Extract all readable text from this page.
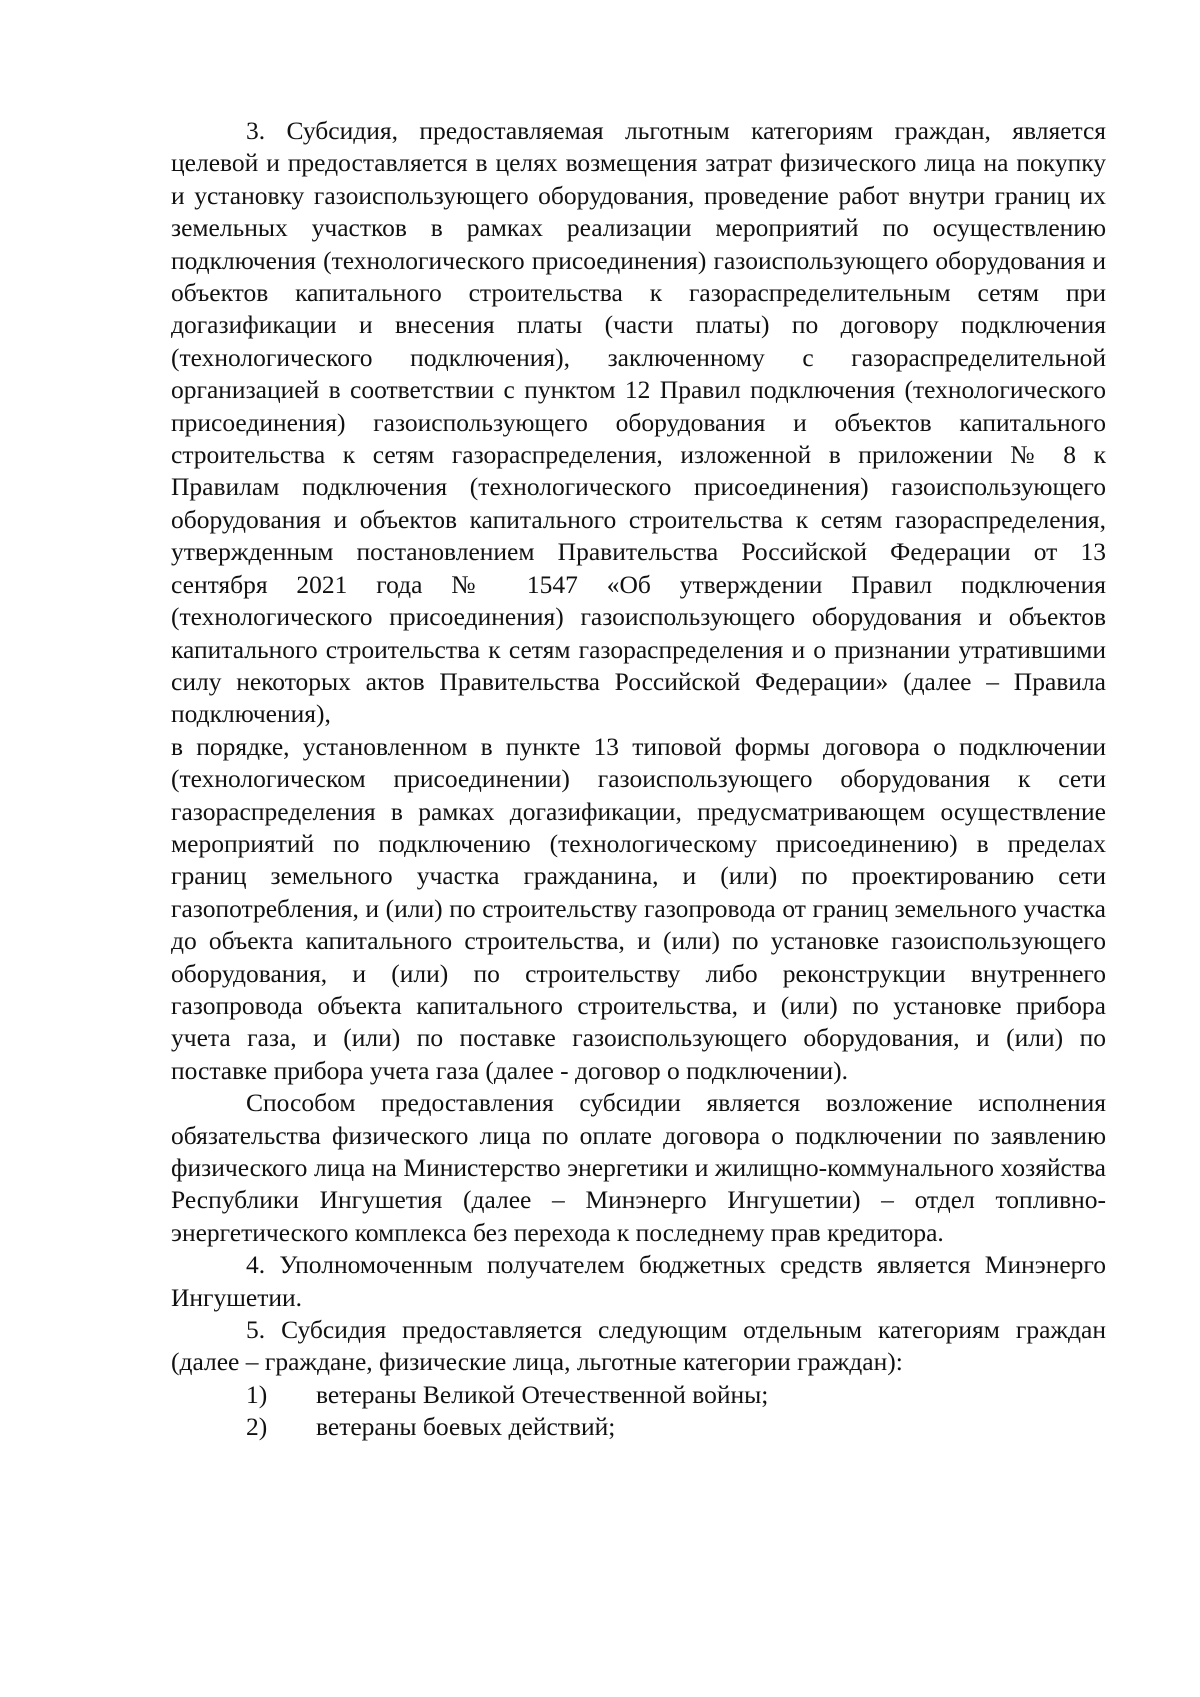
3. Субсидия, предоставляемая льготным категориям граждан, является целевой и предоставляется в целях возмещения затрат физического лица на покупку и установку газоиспользующего оборудования, проведение работ внутри границ их земельных участков в рамках реализации мероприятий по осуществлению подключения (технологического присоединения) газоиспользующего оборудования и объектов капитального строительства к газораспределительным сетям при догазификации и внесения платы (части платы) по договору подключения (технологического подключения), заключенному с газораспределительной организацией в соответствии с пунктом 12 Правил подключения (технологического присоединения) газоиспользующего оборудования и объектов капитального строительства к сетям газораспределения, изложенной в приложении № 8 к Правилам подключения (технологического присоединения) газоиспользующего оборудования и объектов капитального строительства к сетям газораспределения, утвержденным постановлением Правительства Российской Федерации от 13 сентября 2021 года № 1547 «Об утверждении Правил подключения (технологического присоединения) газоиспользующего оборудования и объектов капитального строительства к сетям газораспределения и о признании утратившими силу некоторых актов Правительства Российской Федерации» (далее – Правила подключения),

в порядке, установленном в пункте 13 типовой формы договора о подключении (технологическом присоединении) газоиспользующего оборудования к сети газораспределения в рамках догазификации, предусматривающем осуществление мероприятий по подключению (технологическому присоединению) в пределах границ земельного участка гражданина, и (или) по проектированию сети газопотребления, и (или) по строительству газопровода от границ земельного участка до объекта капитального строительства, и (или) по установке газоиспользующего оборудования, и (или) по строительству либо реконструкции внутреннего газопровода объекта капитального строительства, и (или) по установке прибора учета газа, и (или) по поставке газоиспользующего оборудования, и (или) по поставке прибора учета газа (далее - договор о подключении).

Способом предоставления субсидии является возложение исполнения обязательства физического лица по оплате договора о подключении по заявлению физического лица на Министерство энергетики и жилищно-коммунального хозяйства Республики Ингушетия (далее – Минэнерго Ингушетии) – отдел топливно-энергетического комплекса без перехода к последнему прав кредитора.

4. Уполномоченным получателем бюджетных средств является Минэнерго Ингушетии.

5. Субсидия предоставляется следующим отдельным категориям граждан (далее – граждане, физические лица, льготные категории граждан):

1)	ветераны Великой Отечественной войны;
2)	ветераны боевых действий;
